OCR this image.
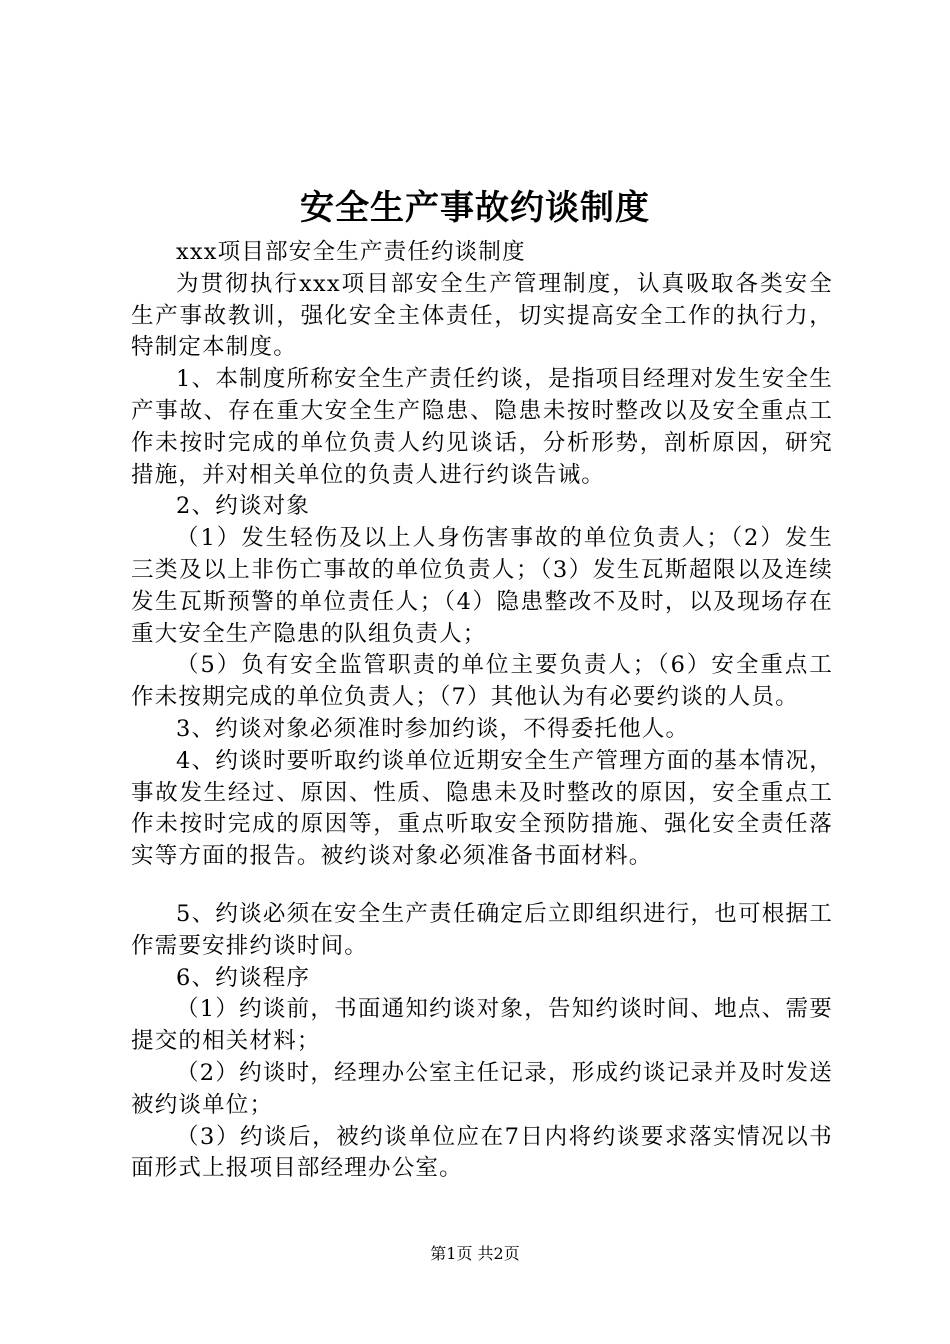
安全生产事故约谈制度

xxx项目部安全生产责任约谈制度

为贯彻执行xxx项目部安全生产管理制度，认真吸取各类安全生产事故教训，强化安全主体责任，切实提高安全工作的执行力，特制定本制度。

1、本制度所称安全生产责任约谈，是指项目经理对发生安全生产事故、存在重大安全生产隐患、隐患未按时整改以及安全重点工作未按时完成的单位负责人约见谈话，分析形势，剖析原因，研究措施，并对相关单位的负责人进行约谈告诫。

2、约谈对象

（1）发生轻伤及以上人身伤害事故的单位负责人；（2）发生三类及以上非伤亡事故的单位负责人；（3）发生瓦斯超限以及连续发生瓦斯预警的单位责任人；（4）隐患整改不及时，以及现场存在重大安全生产隐患的队组负责人；

（5）负有安全监管职责的单位主要负责人；（6）安全重点工作未按期完成的单位负责人；（7）其他认为有必要约谈的人员。

3、约谈对象必须准时参加约谈，不得委托他人。

4、约谈时要听取约谈单位近期安全生产管理方面的基本情况，事故发生经过、原因、性质、隐患未及时整改的原因，安全重点工作未按时完成的原因等，重点听取安全预防措施、强化安全责任落实等方面的报告。被约谈对象必须准备书面材料。

5、约谈必须在安全生产责任确定后立即组织进行，也可根据工作需要安排约谈时间。

6、约谈程序

（1）约谈前，书面通知约谈对象，告知约谈时间、地点、需要提交的相关材料；

（2）约谈时，经理办公室主任记录，形成约谈记录并及时发送被约谈单位；

（3）约谈后，被约谈单位应在7日内将约谈要求落实情况以书面形式上报项目部经理办公室。

第1页 共2页
